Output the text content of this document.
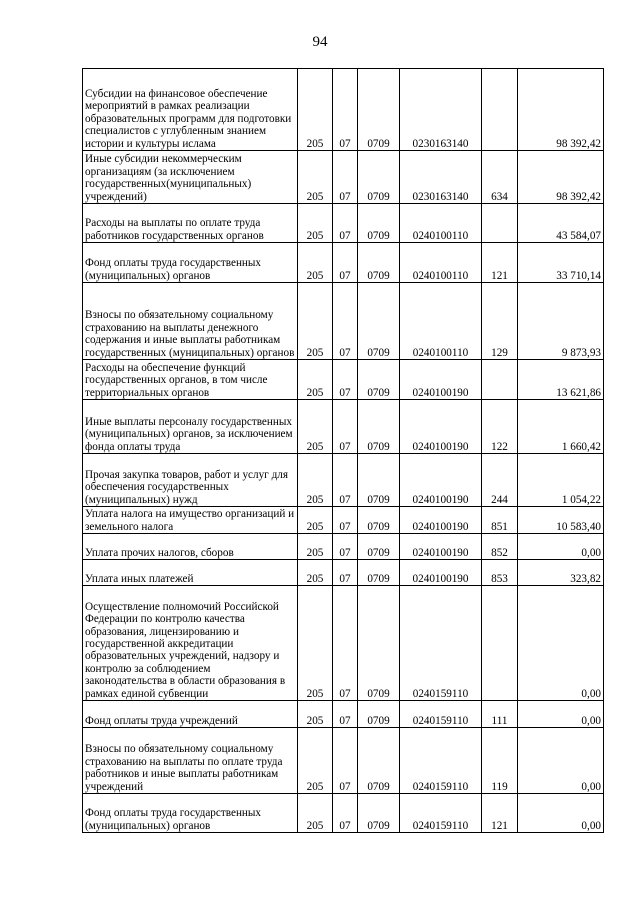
94
Субсидии на финансовое обеспечение мероприятий в рамках реализации образовательных программ для подготовки специалистов с углубленным знанием истории и культуры ислама	205	07	0709	0230163140		98 392,42
Иные субсидии некоммерческим организациям (за исключением государственных(муниципальных) учреждений)	205	07	0709	0230163140	634	98 392,42
Расходы на выплаты по оплате труда работников государственных органов	205	07	0709	0240100110		43 584,07
Фонд оплаты труда государственных (муниципальных) органов	205	07	0709	0240100110	121	33 710,14
Взносы по обязательному социальному страхованию на выплаты денежного содержания и иные выплаты работникам государственных (муниципальных) органов	205	07	0709	0240100110	129	9 873,93
Расходы на обеспечение функций государственных органов, в том числе территориальных органов	205	07	0709	0240100190		13 621,86
Иные выплаты персоналу государственных (муниципальных) органов, за исключением фонда оплаты труда	205	07	0709	0240100190	122	1 660,42
Прочая закупка товаров, работ и услуг для обеспечения государственных (муниципальных) нужд	205	07	0709	0240100190	244	1 054,22
Уплата налога на имущество организаций и земельного налога	205	07	0709	0240100190	851	10 583,40
Уплата прочих налогов, сборов	205	07	0709	0240100190	852	0,00
Уплата иных платежей	205	07	0709	0240100190	853	323,82
Осуществление полномочий Российской Федерации по контролю качества образования, лицензированию и государственной аккредитации образовательных учреждений, надзору и контролю за соблюдением законодательства в области образования в рамках единой субвенции	205	07	0709	0240159110		0,00
Фонд оплаты труда учреждений	205	07	0709	0240159110	111	0,00
Взносы по обязательному социальному страхованию на выплаты по оплате труда работников и иные выплаты работникам учреждений	205	07	0709	0240159110	119	0,00
Фонд оплаты труда государственных (муниципальных) органов	205	07	0709	0240159110	121	0,00
